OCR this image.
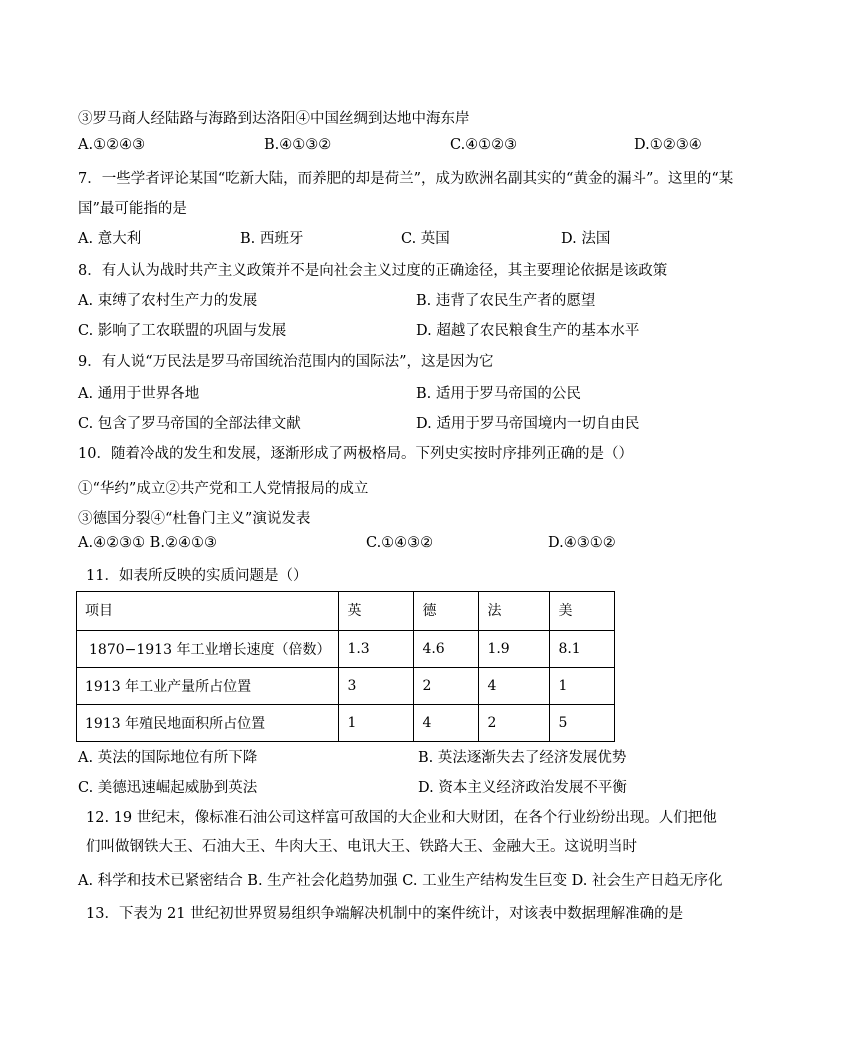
③罗马商人经陆路与海路到达洛阳④中国丝绸到达地中海东岸
A.①②④③	B.④①③②	C.④①②③	D.①②③④
7．一些学者评论某国“吃新大陆，而养肥的却是荷兰”，成为欧洲名副其实的“黄金的漏斗”。这里的“某
国”最可能指的是
A. 意大利	B. 西班牙	C. 英国	D. 法国
8．有人认为战时共产主义政策并不是向社会主义过度的正确途径，其主要理论依据是该政策
A. 束缚了农村生产力的发展	B. 违背了农民生产者的愿望
C. 影响了工农联盟的巩固与发展	D. 超越了农民粮食生产的基本水平
9．有人说“万民法是罗马帝国统治范围内的国际法”，这是因为它
A. 通用于世界各地	B. 适用于罗马帝国的公民
C. 包含了罗马帝国的全部法律文献	D. 适用于罗马帝国境内一切自由民
10．随着冷战的发生和发展，逐渐形成了两极格局。下列史实按时序排列正确的是（）
①“华约”成立②共产党和工人党情报局的成立
③德国分裂④“杜鲁门主义”演说发表
A.④②③① B.②④①③	C.①④③②	D.④③①②
11．如表所反映的实质问题是（）
项目	英	德	法	美
1870−1913 年工业增长速度（倍数）	1.3	4.6	1.9	8.1
1913 年工业产量所占位置	3	2	4	1
1913 年殖民地面积所占位置	1	4	2	5
A. 英法的国际地位有所下降	B. 英法逐渐失去了经济发展优势
C. 美德迅速崛起威胁到英法	D. 资本主义经济政治发展不平衡
12. 19 世纪末，像标准石油公司这样富可敌国的大企业和大财团，在各个行业纷纷出现。人们把他
们叫做钢铁大王、石油大王、牛肉大王、电讯大王、铁路大王、金融大王。这说明当时
A. 科学和技术已紧密结合 B. 生产社会化趋势加强 C. 工业生产结构发生巨变 D. 社会生产日趋无序化
13．下表为 21 世纪初世界贸易组织争端解决机制中的案件统计，对该表中数据理解准确的是
